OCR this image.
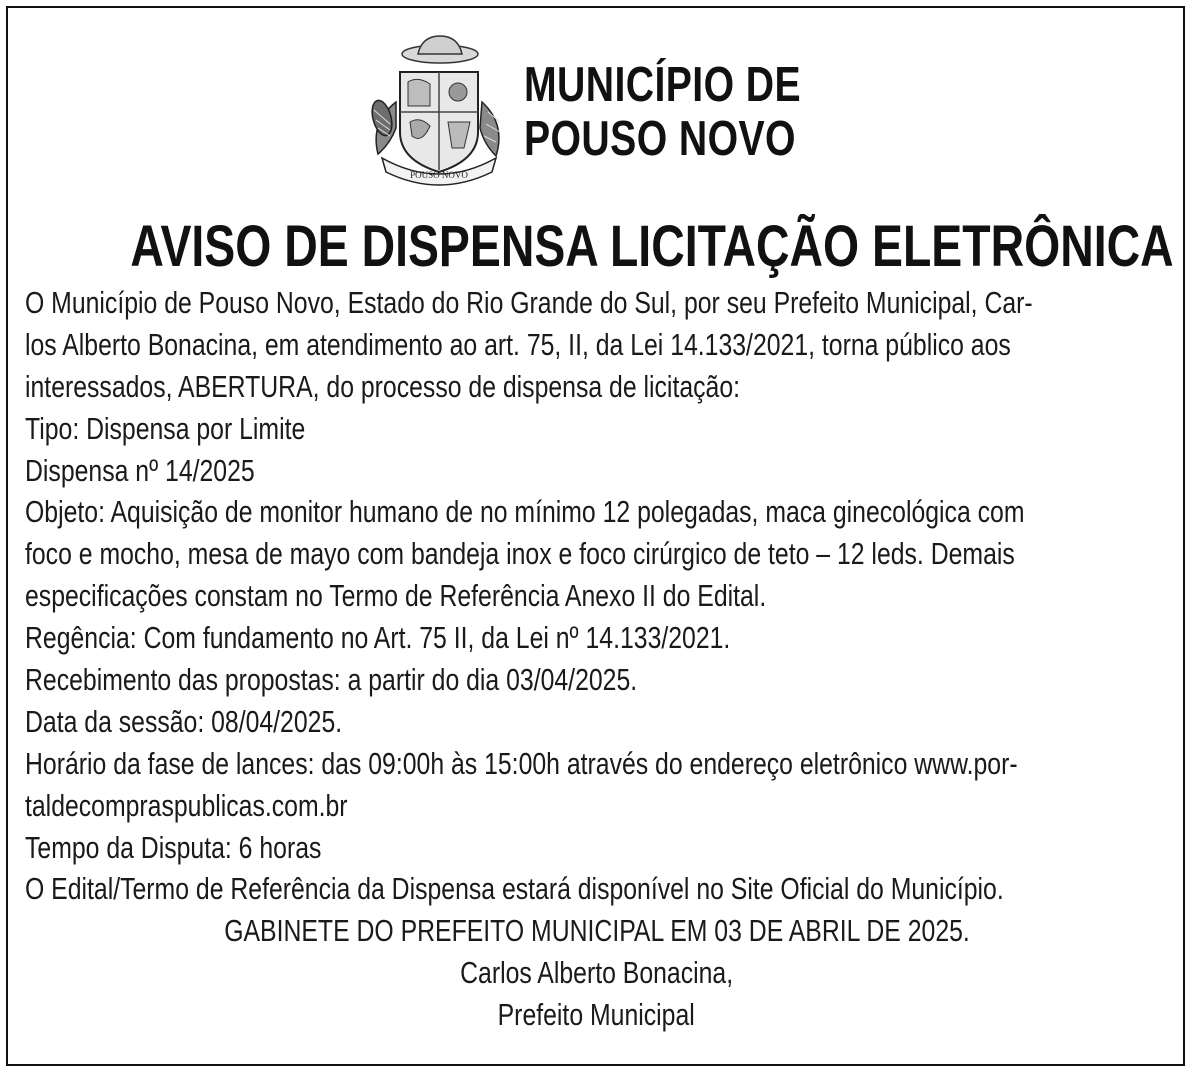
POUSO NOVO
MUNICÍPIO DE
POUSO NOVO
AVISO DE DISPENSA LICITAÇÃO ELETRÔNICA
O Município de Pouso Novo, Estado do Rio Grande do Sul, por seu Prefeito Municipal, Car-
los Alberto Bonacina, em atendimento ao art. 75, II, da Lei 14.133/2021, torna público aos
interessados, ABERTURA, do processo de dispensa de licitação:
Tipo: Dispensa por Limite
Dispensa nº 14/2025
Objeto: Aquisição de monitor humano de no mínimo 12 polegadas, maca ginecológica com
foco e mocho, mesa de mayo com bandeja inox e foco cirúrgico de teto – 12 leds. Demais
especificações constam no Termo de Referência Anexo II do Edital.
Regência: Com fundamento no Art. 75 II, da Lei nº 14.133/2021.
Recebimento das propostas: a partir do dia 03/04/2025.
Data da sessão: 08/04/2025.
Horário da fase de lances: das 09:00h às 15:00h através do endereço eletrônico www.por-
taldecompraspublicas.com.br
Tempo da Disputa: 6 horas
O Edital/Termo de Referência da Dispensa estará disponível no Site Oficial do Município.
GABINETE DO PREFEITO MUNICIPAL EM 03 DE ABRIL DE 2025.
Carlos Alberto Bonacina,
Prefeito Municipal
